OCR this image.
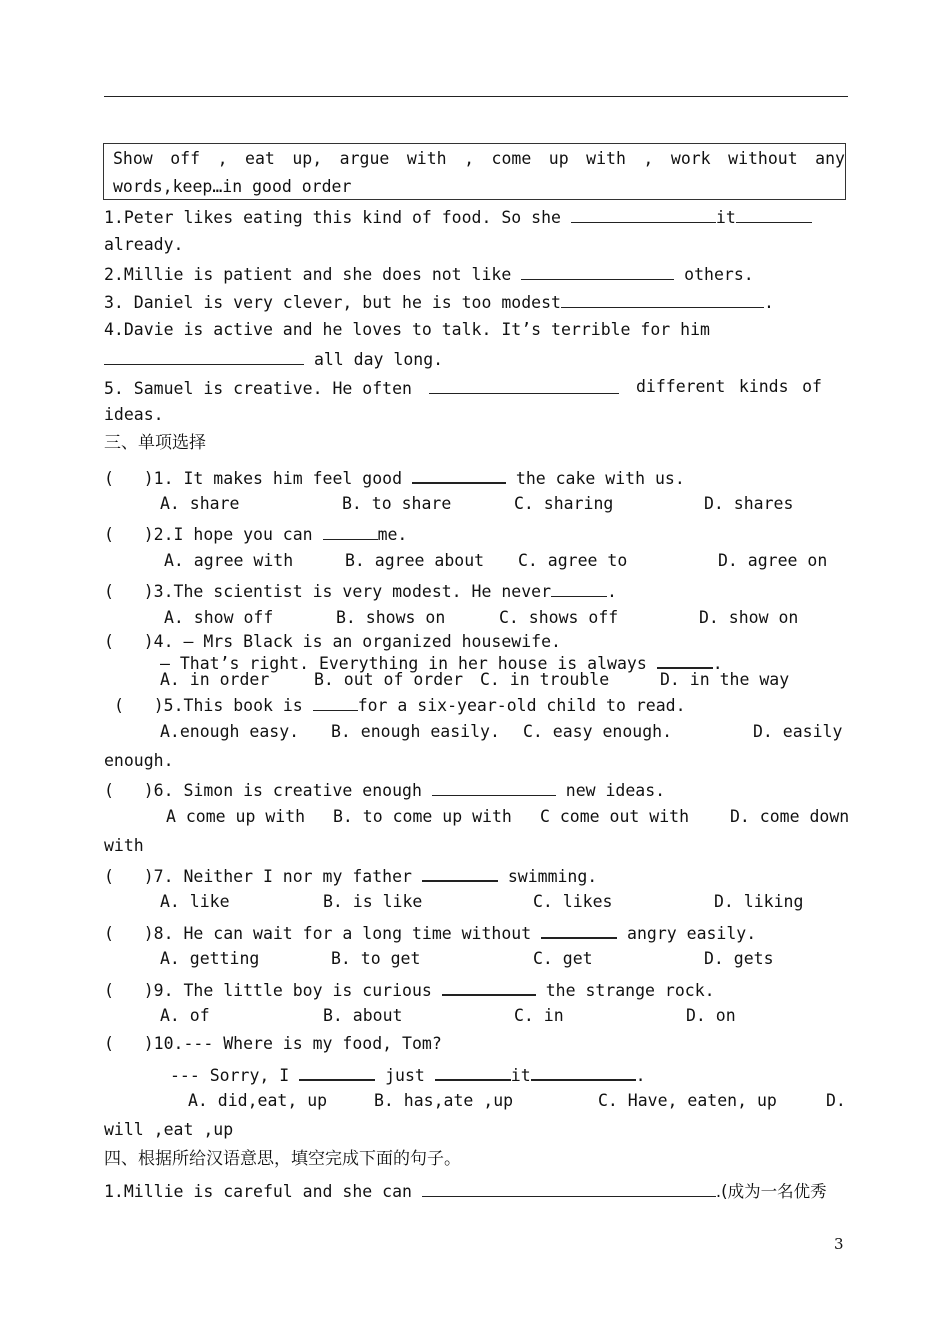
Show off , eat up, argue with , come up with , work without any
words,keep…in good order
1.Peter likes eating this kind of food. So she	it
already.
2.Millie is patient and she does not like	others.
3. Daniel is very clever, but he is too modest	.
4.Davie is active and he loves to talk. It’s terrible for him
all day long.
5. Samuel is creative. He often	different kinds of
ideas.
三、单项选择
(   )1. It makes him feel good	the cake with us.
A. share	B. to share	C. sharing	D. shares
(   )2.I hope you can	me.
A. agree with	B. agree about C. agree to	D. agree on
(   )3.The scientist is very modest. He never	.
A. show off	B. shows on	C. shows off	D. show on
(   )4. — Mrs Black is an organized housewife.
— That’s right. Everything in her house is always	.
A. in order	B. out of order C. in trouble	D. in the way
(   )5.This book is	for a six-year-old child to read.
A.enough easy. B. enough easily. C. easy enough.	D. easily
enough.
(   )6. Simon is creative enough	new ideas.
A come up with B. to come up with C come out with D. come down
with
(   )7. Neither I nor my father	swimming.
A. like	B. is like	C. likes	D. liking
(   )8. He can wait for a long time without	angry easily.
A. getting	B. to get	C. get	D. gets
(   )9. The little boy is curious	the strange rock.
A. of	B. about	C. in	D. on
(   )10.--- Where is my food, Tom?
--- Sorry, I	just	it	.
A. did,eat, up	B. has,ate ,up	C. Have, eaten, up	D.
will ,eat ,up
四、根据所给汉语意思，填空完成下面的句子。
1.Millie is careful and she can	.(成为一名优秀
3
